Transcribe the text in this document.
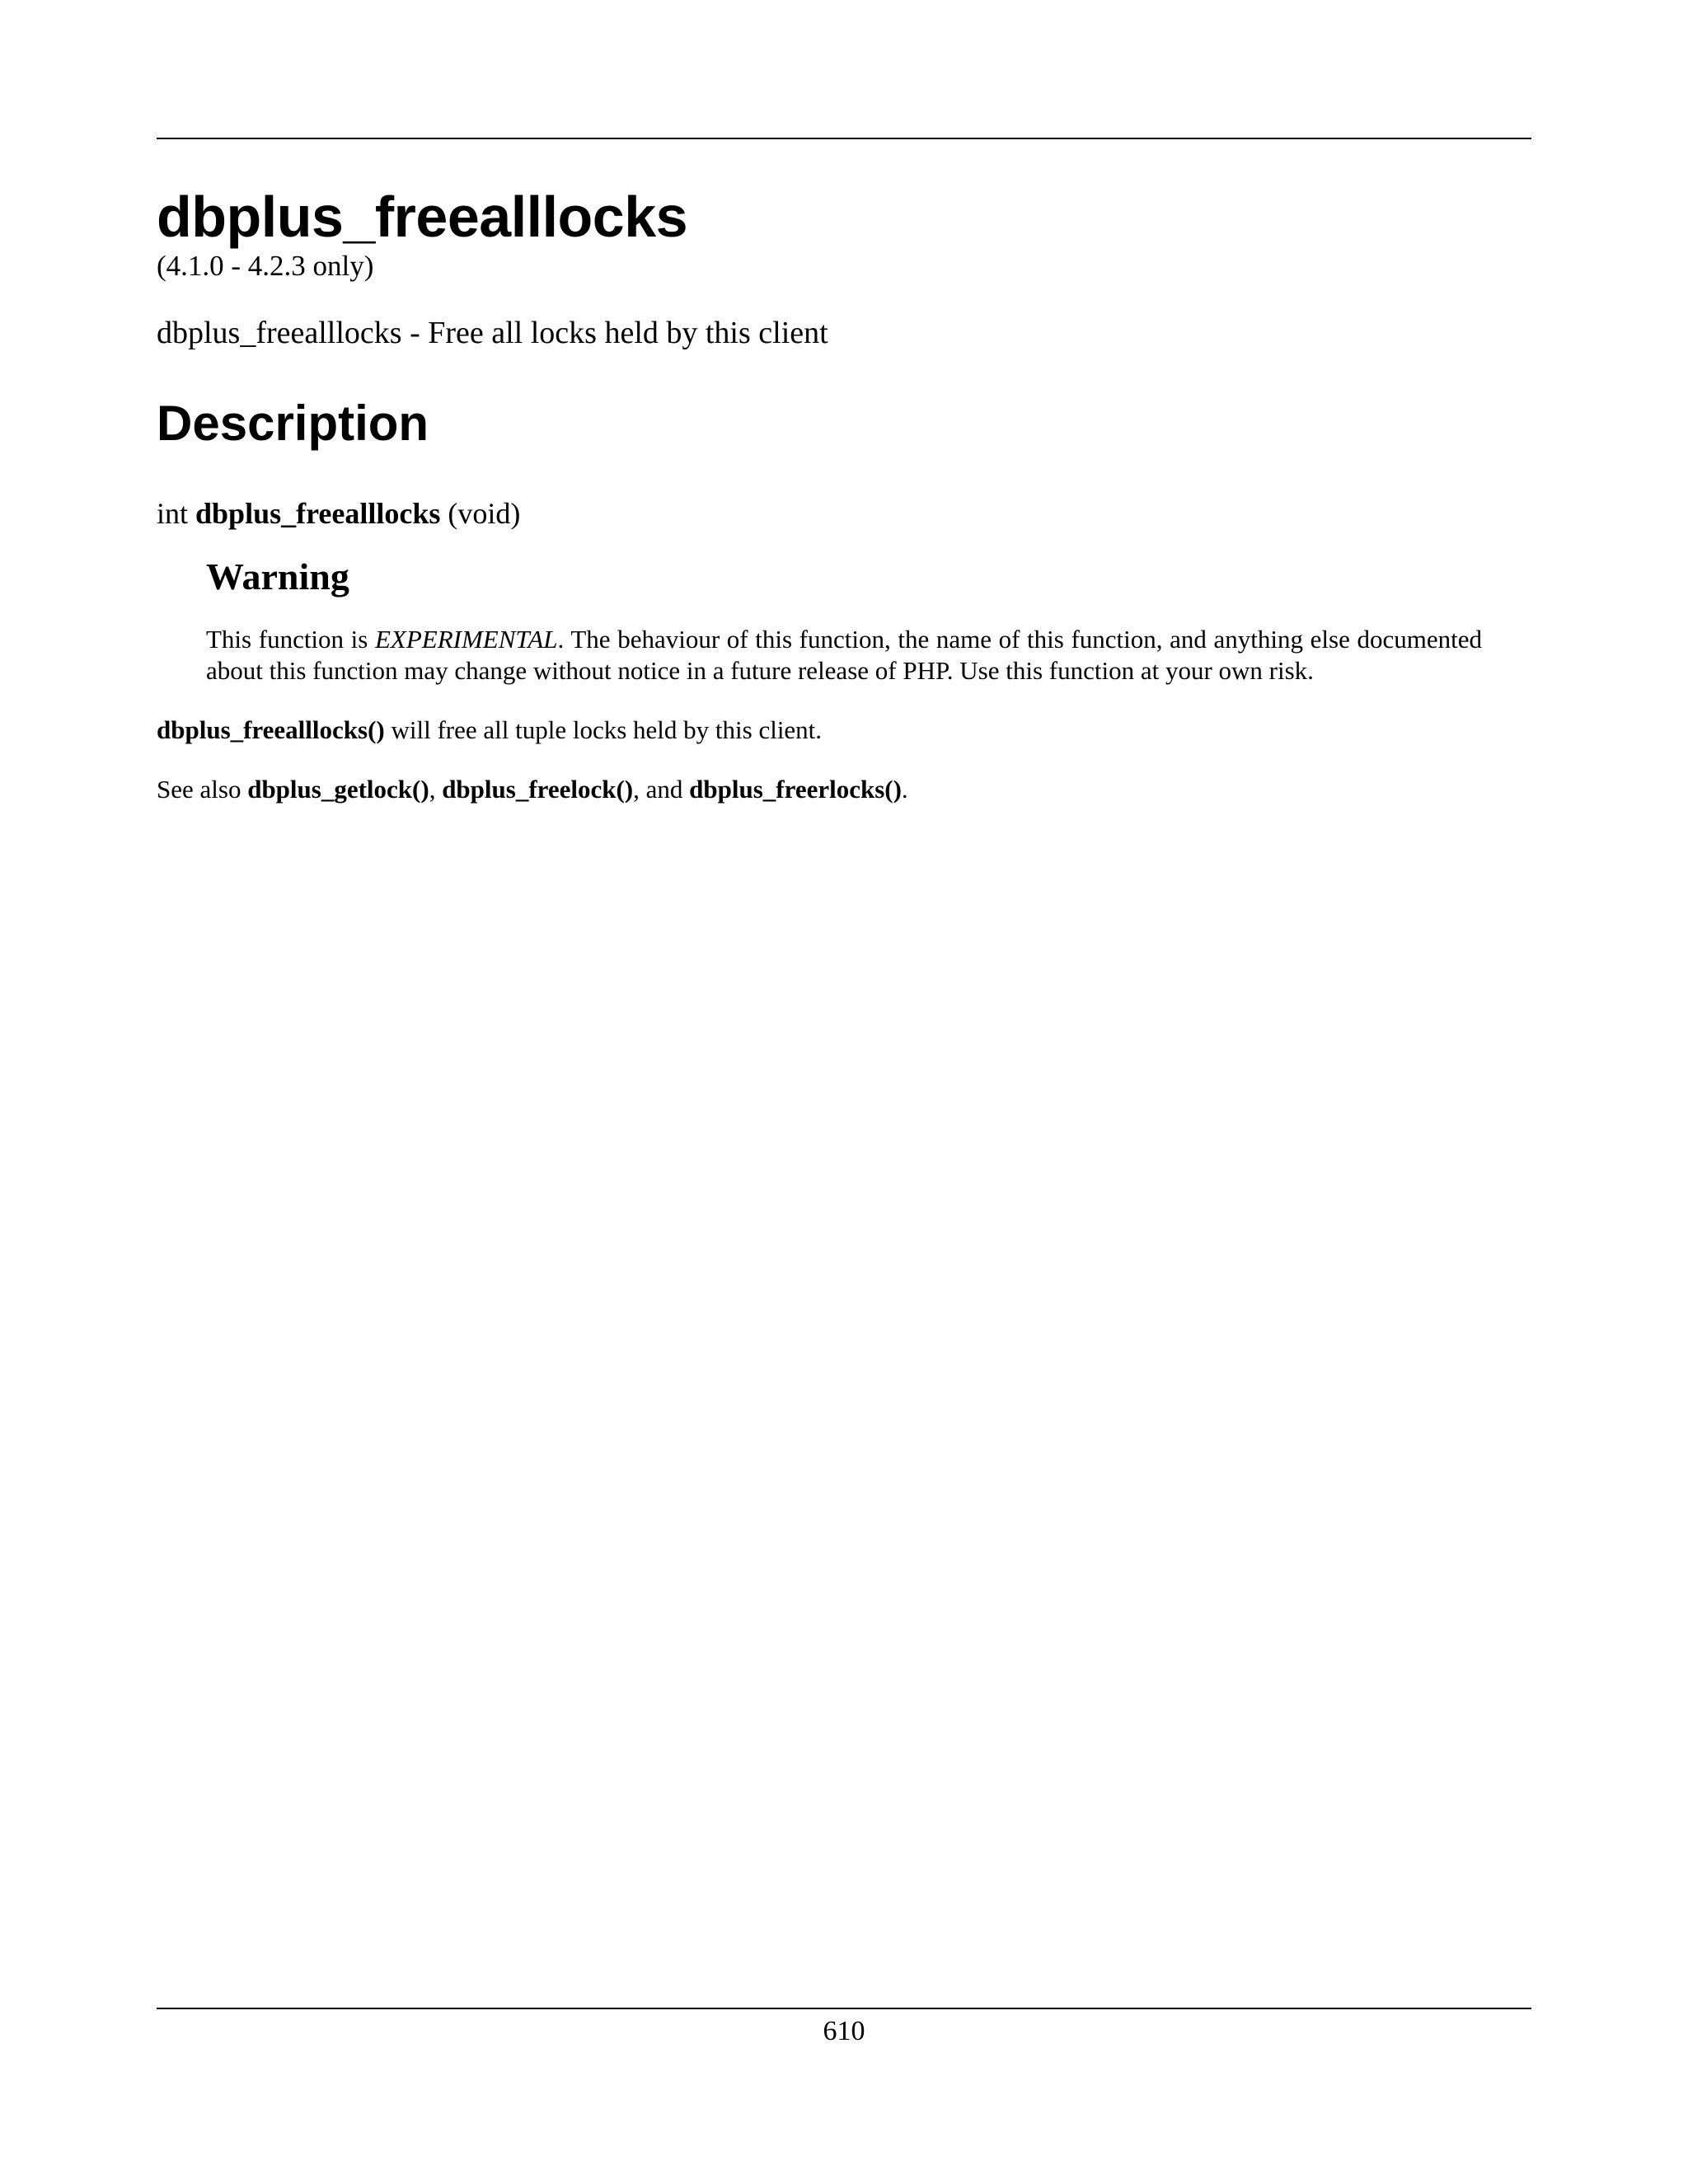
dbplus_freealllocks

(4.1.0 - 4.2.3 only)

dbplus_freealllocks - Free all locks held by this client

Description

int dbplus_freealllocks (void)

Warning

This function is EXPERIMENTAL. The behaviour of this function, the name of this function, and anything else documented about this function may change without notice in a future release of PHP. Use this function at your own risk.

dbplus_freealllocks() will free all tuple locks held by this client.

See also dbplus_getlock(), dbplus_freelock(), and dbplus_freerlocks().

610
